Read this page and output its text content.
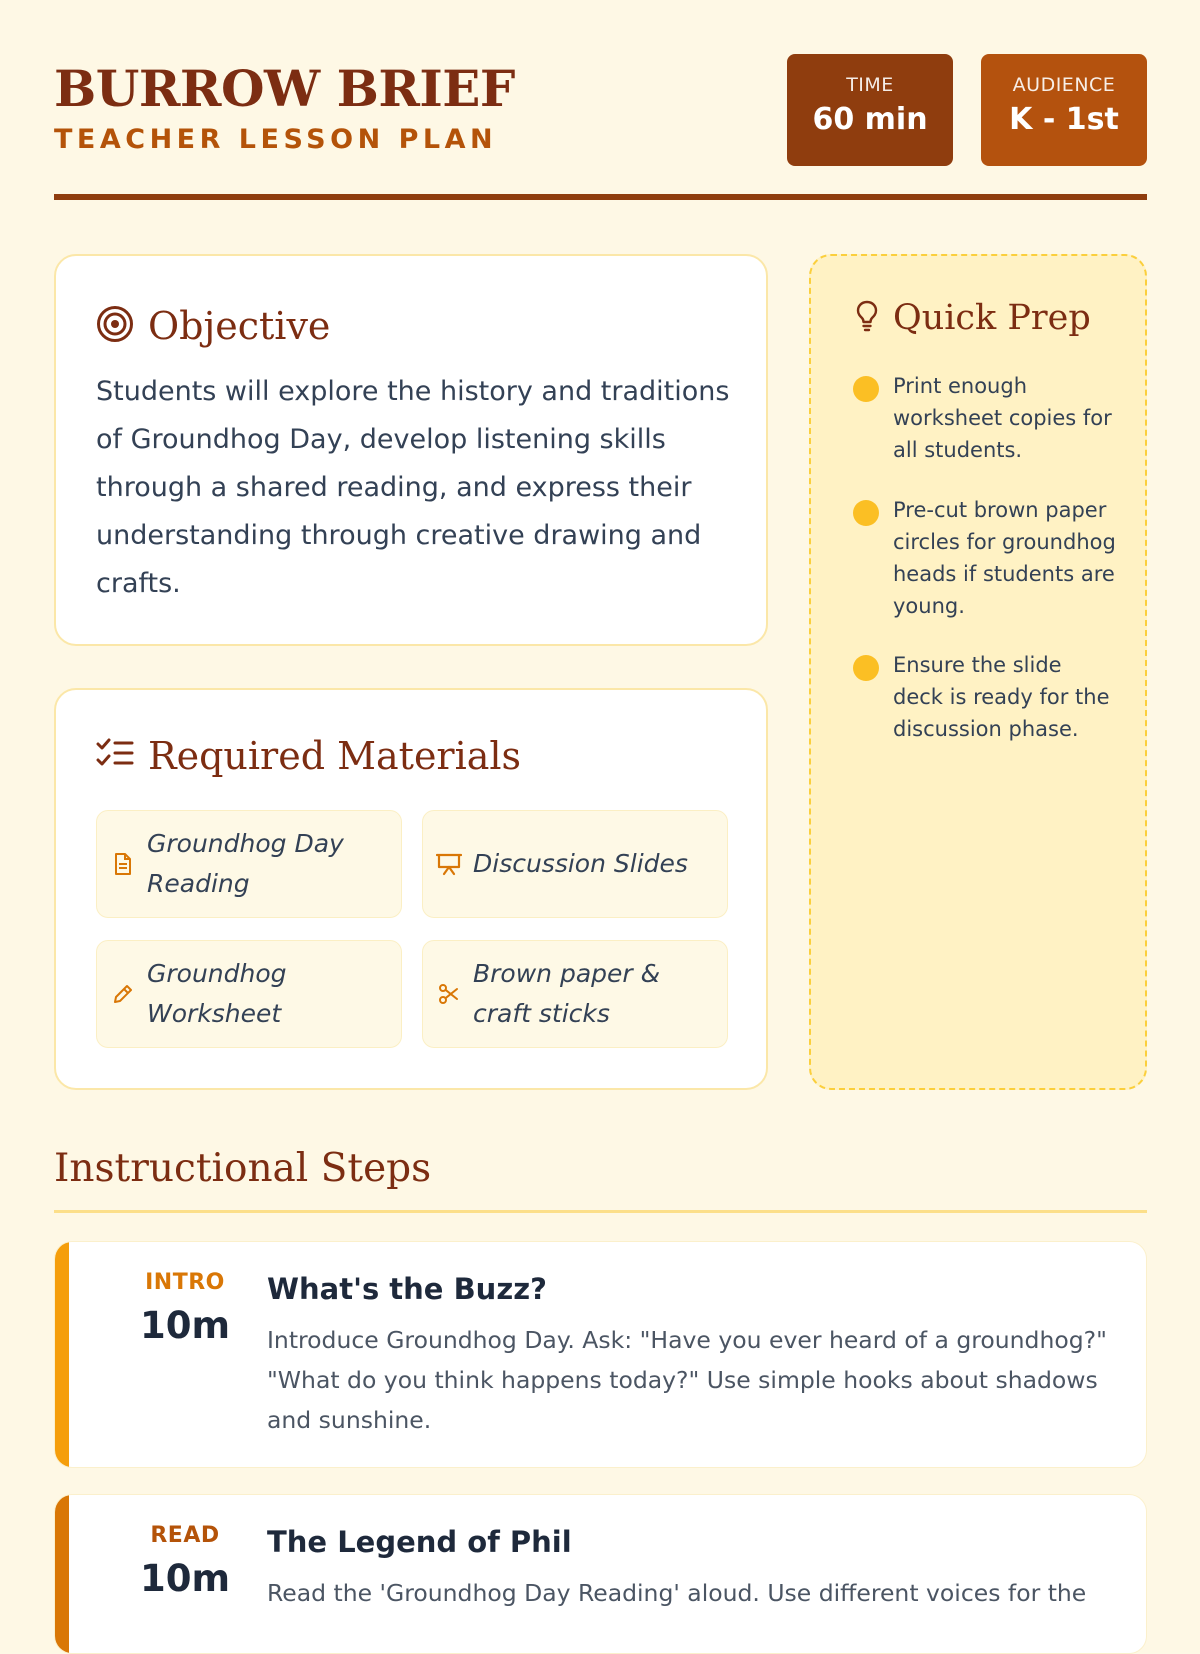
BURROW BRIEF
TEACHER LESSON PLAN
TIME
60 min
AUDIENCE
K - 1st
Objective
Students will explore the history and traditions of Groundhog Day, develop listening skills through a shared reading, and express their understanding through creative drawing and crafts.
Required Materials
Groundhog Day Reading
Discussion Slides
Groundhog Worksheet
Brown paper & craft sticks
Quick Prep
Print enough worksheet copies for all students.
Pre-cut brown paper circles for groundhog heads if students are young.
Ensure the slide deck is ready for the discussion phase.
Instructional Steps
INTRO
10m
What's the Buzz?
Introduce Groundhog Day. Ask: "Have you ever heard of a groundhog?" "What do you think happens today?" Use simple hooks about shadows and sunshine.
READ
10m
The Legend of Phil
Read the 'Groundhog Day Reading' aloud. Use different voices for the
